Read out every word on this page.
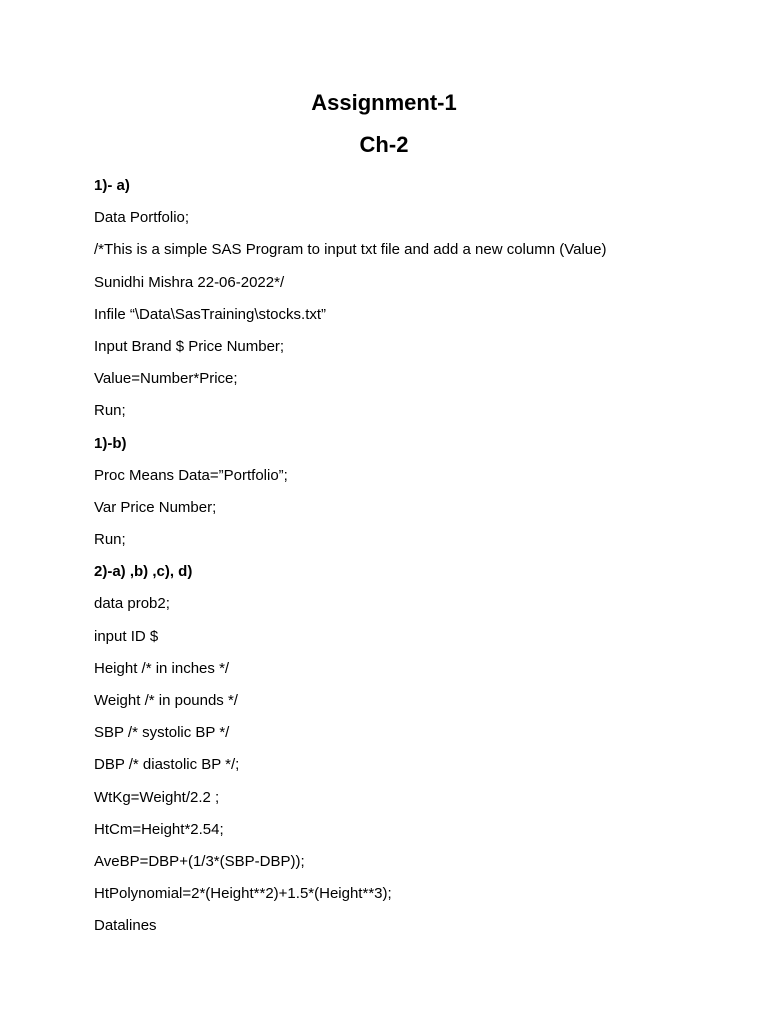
Assignment-1
Ch-2
1)- a)
Data Portfolio;
/*This is a simple SAS Program to input txt file and add a new column (Value)
Sunidhi Mishra 22-06-2022*/
Infile “\Data\SasTraining\stocks.txt”
Input Brand $ Price Number;
Value=Number*Price;
Run;
1)-b)
Proc Means Data=”Portfolio”;
Var Price Number;
Run;
2)-a) ,b) ,c), d)
data prob2;
input ID $
Height /* in inches */
Weight /* in pounds */
SBP /* systolic BP */
DBP /* diastolic BP */;
WtKg=Weight/2.2 ;
HtCm=Height*2.54;
AveBP=DBP+(1/3*(SBP-DBP));
HtPolynomial=2*(Height**2)+1.5*(Height**3);
Datalines
